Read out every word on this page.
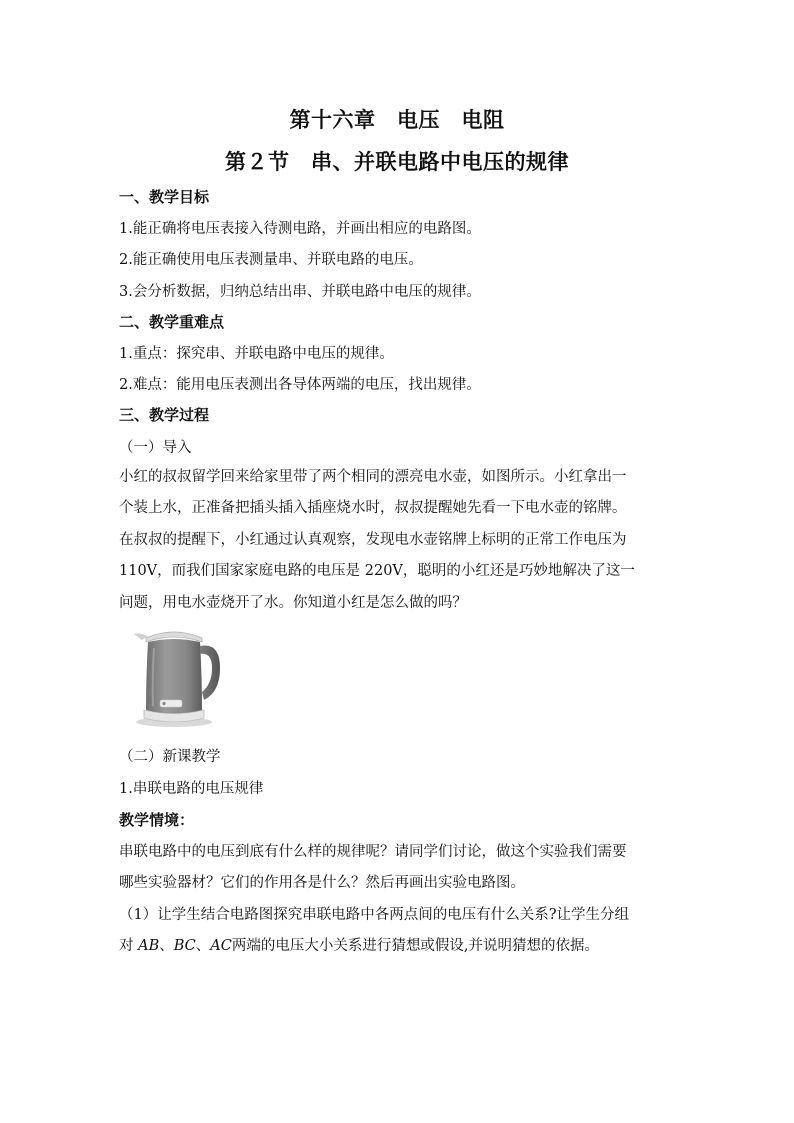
第十六章　电压　电阻
第２节　串、并联电路中电压的规律
一、教学目标
1.能正确将电压表接入待测电路，并画出相应的电路图。
2.能正确使用电压表测量串、并联电路的电压。
3.会分析数据，归纳总结出串、并联电路中电压的规律。
二、教学重难点
1.重点：探究串、并联电路中电压的规律。
2.难点：能用电压表测出各导体两端的电压，找出规律。
三、教学过程
（一）导入
小红的叔叔留学回来给家里带了两个相同的漂亮电水壶，如图所示。小红拿出一
个装上水，正准备把插头插入插座烧水时，叔叔提醒她先看一下电水壶的铭牌。
在叔叔的提醒下，小红通过认真观察，发现电水壶铭牌上标明的正常工作电压为
110V，而我们国家家庭电路的电压是 220V，聪明的小红还是巧妙地解决了这一
问题，用电水壶烧开了水。你知道小红是怎么做的吗？
（二）新课教学
1.串联电路的电压规律
教学情境：
串联电路中的电压到底有什么样的规律呢？请同学们讨论，做这个实验我们需要
哪些实验器材？它们的作用各是什么？然后再画出实验电路图。
（1）让学生结合电路图探究串联电路中各两点间的电压有什么关系?让学生分组
对 AB、BC、AC两端的电压大小关系进行猜想或假设,并说明猜想的依据。
